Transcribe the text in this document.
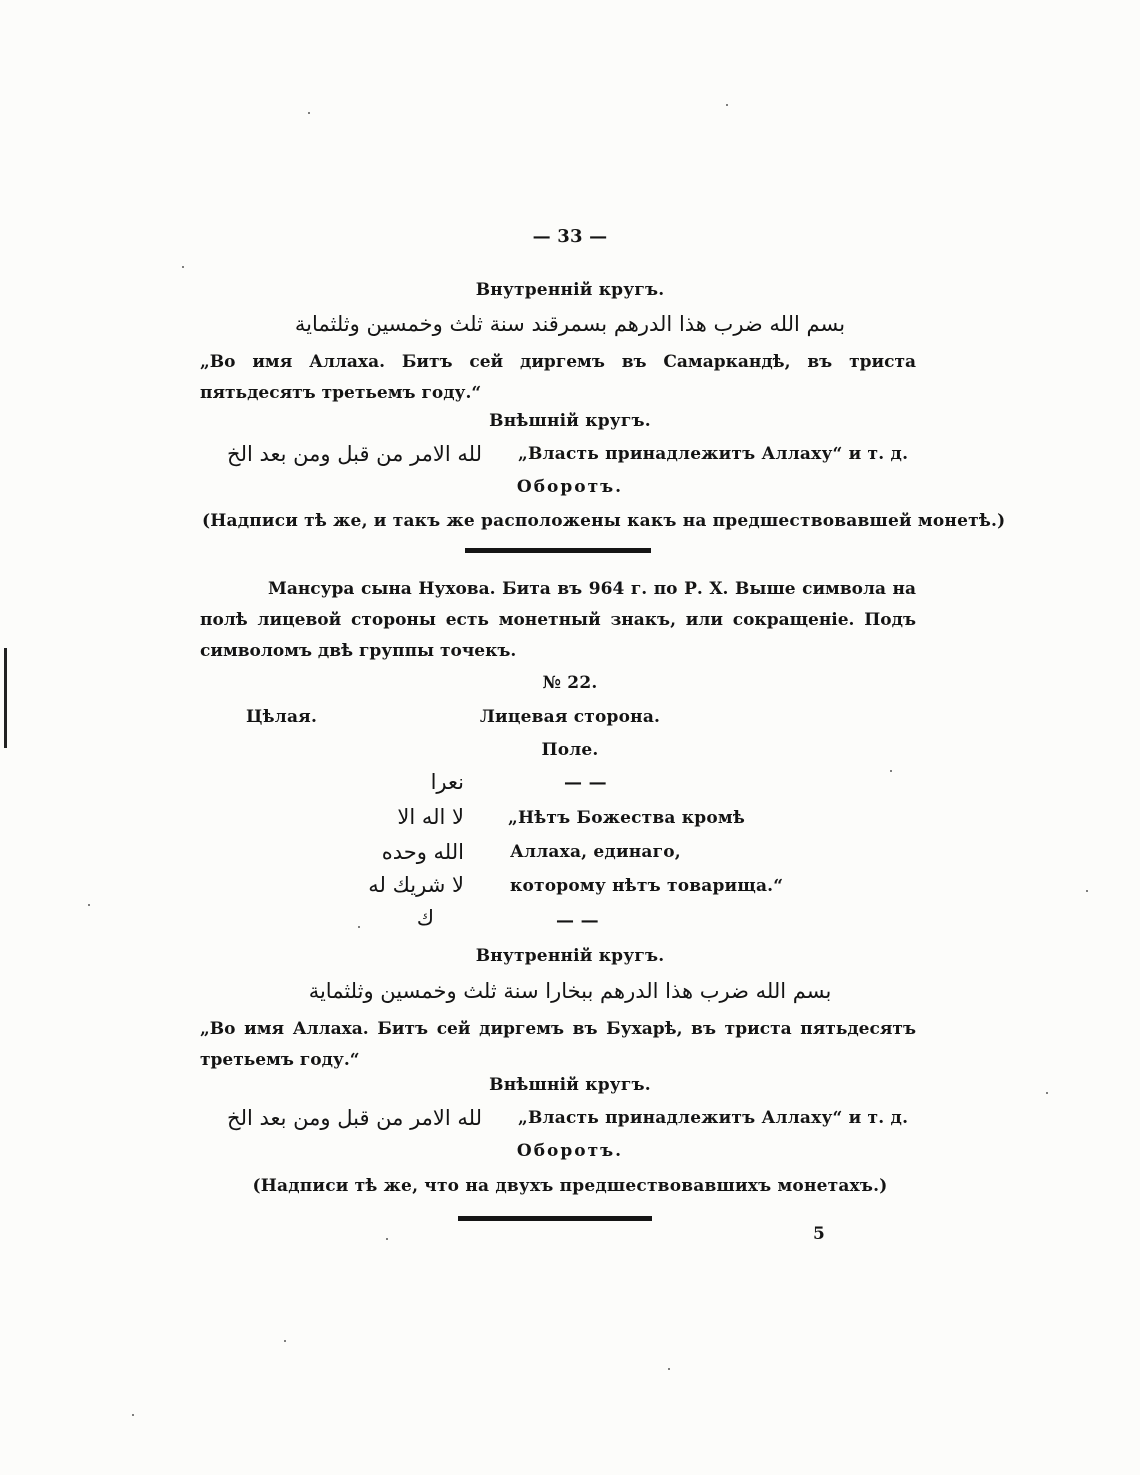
— 33 —
Внутренній кругъ.
بسم الله ضرب هذا الدرهم بسمرقند سنة ثلث وخمسين وثلثماية
„Во имя Аллаха. Битъ сей диргемъ въ Самаркандѣ, въ триста пятьдесятъ третьемъ году.“
Внѣшній кругъ.
لله الامر من قبل ومن بعد الخ „Власть принадлежитъ Аллаху“ и т. д.
Оборотъ.
(Надписи тѣ же, и такъ же расположены какъ на предшествовавшей монетѣ.)
Мансура сына Нухова. Бита въ 964 г. по Р. Х. Выше символа на полѣ лицевой стороны есть монетный знакъ, или сокращеніе. Подъ символомъ двѣ группы точекъ.
№ 22.
Цѣлая.	Лицевая сторона.
Поле.
نعرا	— —
لا اله الا	„Нѣтъ Божества кромѣ
الله وحده	Аллаха, единаго,
لا شريك له	которому нѣтъ товарища.“
ك	— —
Внутренній кругъ.
بسم الله ضرب هذا الدرهم ببخارا سنة ثلث وخمسين وثلثماية
„Во имя Аллаха. Битъ сей диргемъ въ Бухарѣ, въ триста пятьдесятъ третьемъ году.“
Внѣшній кругъ.
لله الامر من قبل ومن بعد الخ „Власть принадлежитъ Аллаху“ и т. д.
Оборотъ.
(Надписи тѣ же, что на двухъ предшествовавшихъ монетахъ.)
5
